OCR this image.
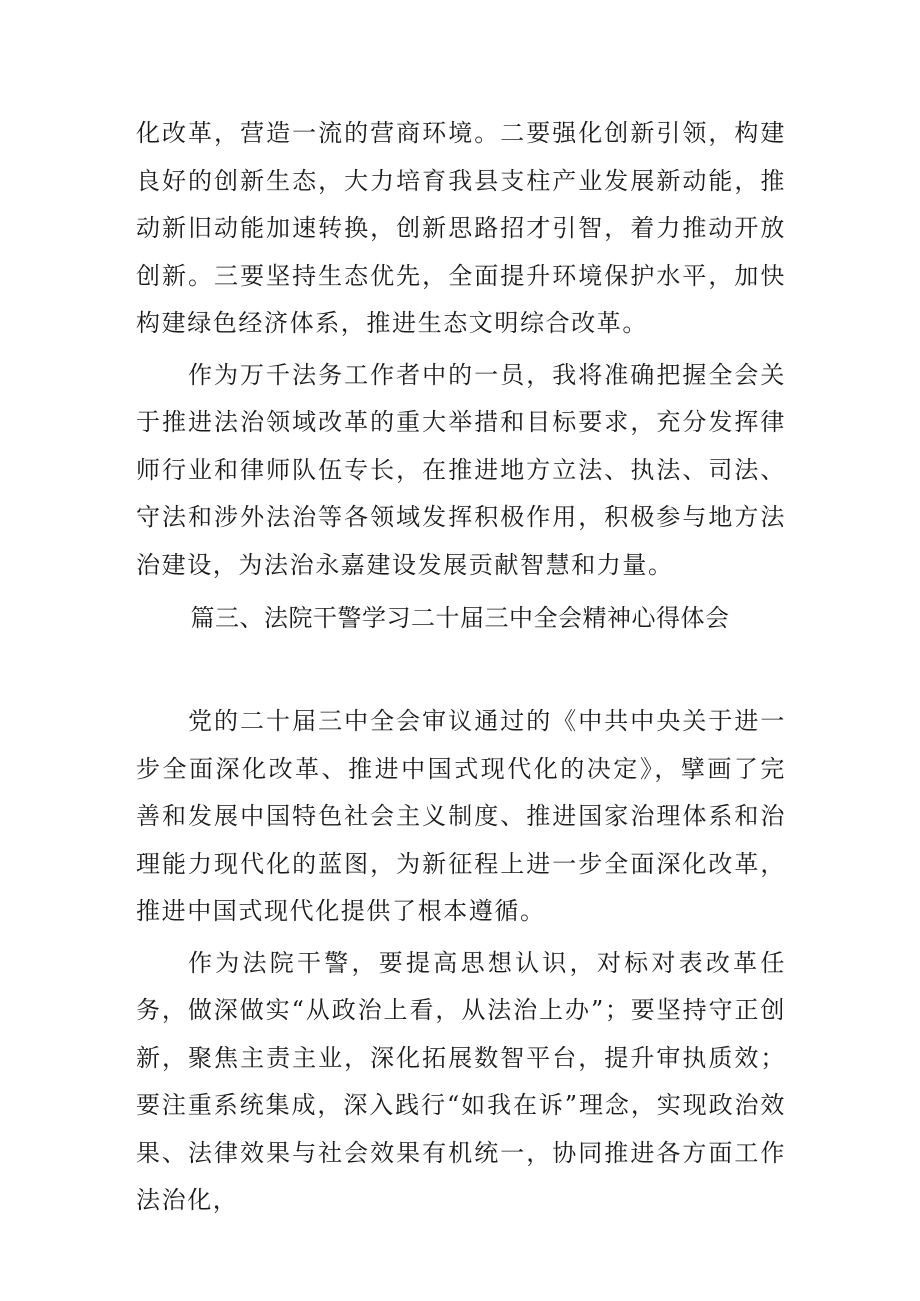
化改革，营造一流的营商环境。二要强化创新引领，构建良好的创新生态，大力培育我县支柱产业发展新动能，推动新旧动能加速转换，创新思路招才引智，着力推动开放创新。三要坚持生态优先，全面提升环境保护水平，加快构建绿色经济体系，推进生态文明综合改革。

作为万千法务工作者中的一员，我将准确把握全会关于推进法治领域改革的重大举措和目标要求，充分发挥律师行业和律师队伍专长，在推进地方立法、执法、司法、守法和涉外法治等各领域发挥积极作用，积极参与地方法治建设，为法治永嘉建设发展贡献智慧和力量。

篇三、法院干警学习二十届三中全会精神心得体会

党的二十届三中全会审议通过的《中共中央关于进一步全面深化改革、推进中国式现代化的决定》，擘画了完善和发展中国特色社会主义制度、推进国家治理体系和治理能力现代化的蓝图，为新征程上进一步全面深化改革，推进中国式现代化提供了根本遵循。

作为法院干警，要提高思想认识，对标对表改革任务，做深做实“从政治上看，从法治上办”；要坚持守正创新，聚焦主责主业，深化拓展数智平台，提升审执质效；要注重系统集成，深入践行“如我在诉”理念，实现政治效果、法律效果与社会效果有机统一，协同推进各方面工作法治化，
